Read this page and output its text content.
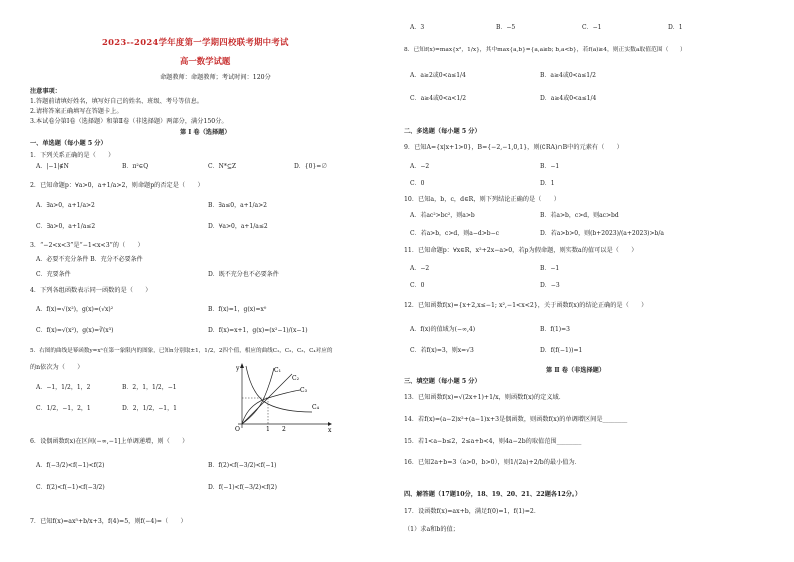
2023--2024学年度第一学期四校联考期中考试
高一数学试题
命题教师：命题教师；考试时间：120分
注意事项：
1.答题前请填好姓名，填写好自己的姓名、班级、考号等信息。
2.请将答案正确填写在答题卡上。
3.本试卷分第Ⅰ卷（选择题）和第Ⅱ卷（非选择题）两部分，满分150分。
第 Ⅰ 卷（选择题）
一、单选题（每小题 5 分）
1．下列关系正确的是（　　）
A．|−1|∉N	B．π²∈Q	C．N*⊆Z	D．{0}=∅
2．已知命题p：∀a>0，a+1/a>2，则命题p的否定是（　　）
A．∃a>0，a+1/a>2	B．∃a≤0，a+1/a>2
C．∃a>0，a+1/a≤2	D．∀a>0，a+1/a≤2
3．“−2<x<3”是“−1<x<3”的（　　）
A．必要不充分条件 B．充分不必要条件
C．充要条件	D．既不充分也不必要条件
4．下列各组函数表示同一函数的是（　　）
A．f(x)=√(x²)，g(x)=(√x)²	B．f(x)=1，g(x)=x⁰
C．f(x)=√(x²)，g(x)=∛(x³)	D．f(x)=x+1，g(x)=(x²−1)/(x−1)
5．右图的曲线是幂函数y=xⁿ在第一象限内的图象，已知n分别取±1，1/2，2四个值，相应的曲线C₁，C₂，C₃，C₄对应的
的n依次为（　　）
A．−1，1/2，1，2	B．2，1，1/2，−1
C．1/2，−1，2，1	D．2，1/2，−1，1
C₁
C₂
C₃
C₄
y
x
O	1 2
6．设偶函数f(x)在区间(−∞,−1]上单调递增，则（　　）
A．f(−3/2)<f(−1)<f(2)	B．f(2)<f(−3/2)<f(−1)
C．f(2)<f(−1)<f(−3/2)	D．f(−1)<f(−3/2)<f(2)
7．已知f(x)=ax⁵+b/x+3，f(4)=5，则f(−4)=（　　）
A．3	B．−5	C．−1	D．1
8．已知f(x)=max{x²，1/x}，其中max{a,b}={a,a≥b; b,a<b}，若f(a)≥4，则正实数a取值范围（　　）
A．a≥2或0<a≤1/4	B．a≥4或0<a≤1/2
C．a≥4或0<a<1/2	D．a≥4或0<a≤1/4
二、多选题（每小题 5 分）
9．已知A={x|x+1>0}，B={−2,−1,0,1}，则(∁RA)∩B中的元素有（　　）
A．−2	B．−1
C．0	D．1
10．已知a，b，c，d∈R，则下列结论正确的是（　　）
A．若ac²>bc²，则a>b	B．若a>b，c>d，则ac>bd
C．若a>b，c>d，则a−d>b−c	D．若a>b>0，则(b+2023)/(a+2023)>b/a
11．已知命题p：∀x∈R，x²+2x−a>0，若p为假命题，则实数a的值可以是（　　）
A．−2	B．−1
C．0	D．−3
12．已知函数f(x)={x+2,x≤−1; x²,−1<x<2}，关于函数f(x)的结论正确的是（　　）
A．f(x)的值域为(−∞,4)	B．f(1)=3
C．若f(x)=3，则x=√3	D．f(f(−1))=1
第 Ⅱ 卷（非选择题）
三、填空题（每小题 5 分）
13．已知函数f(x)=√(2x+1)+1/x，则函数f(x)的定义域．
14．若f(x)=(a−2)x²+(a−1)x+3是偶函数，则函数f(x)的单调增区间是________
15．若1<a−b≤2，2≤a+b<4，则4a−2b的取值范围________
16．已知2a+b=3（a>0，b>0），则1/(2a)+2/b的最小值为．
四、解答题（17题10分，18、19、20、21、22题各12分。）
17．设函数f(x)=ax+b，满足f(0)=1，f(1)=2．
（1）求a和b的值；
